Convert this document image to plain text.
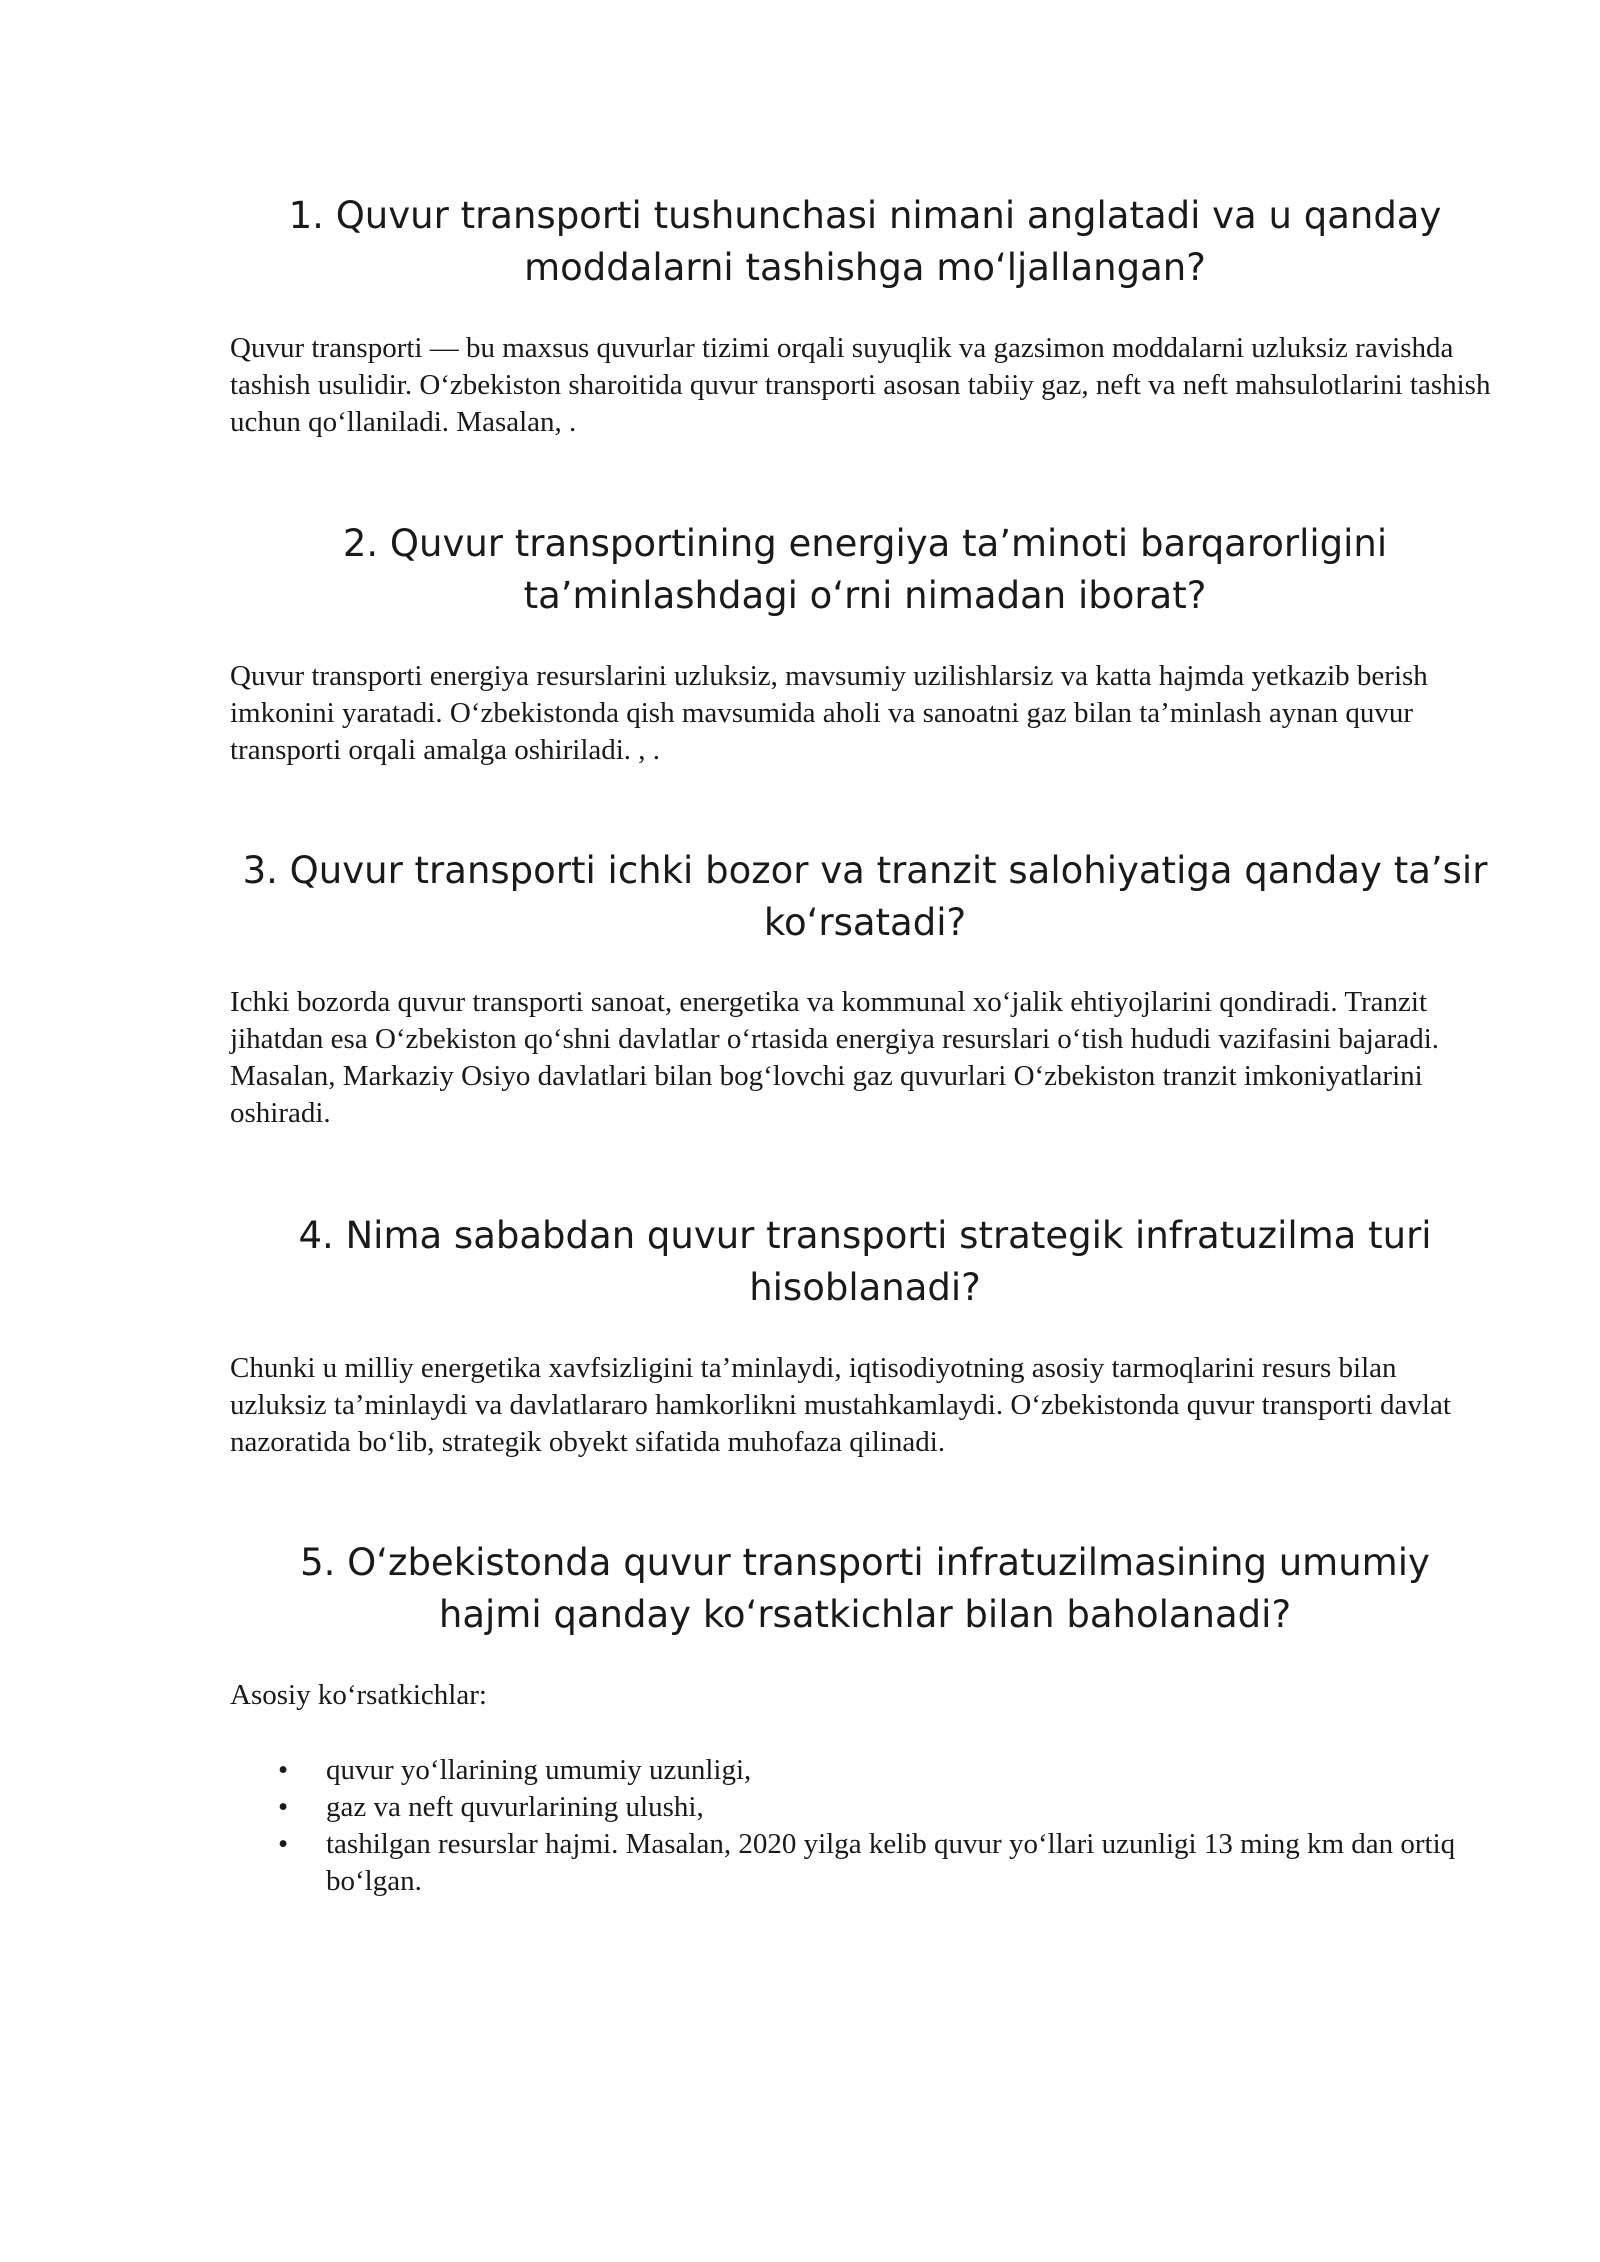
1. Quvur transporti tushunchasi nimani anglatadi va u qanday
moddalarni tashishga moʻljallangan?

Quvur transporti — bu maxsus quvurlar tizimi orqali suyuqlik va gazsimon moddalarni uzluksiz ravishda tashish usulidir. Oʻzbekiston sharoitida quvur transporti asosan tabiiy gaz, neft va neft mahsulotlarini tashish uchun qoʻllaniladi. Masalan, .

2. Quvur transportining energiya taʼminoti barqarorligini
taʼminlashdagi oʻrni nimadan iborat?

Quvur transporti energiya resurslarini uzluksiz, mavsumiy uzilishlarsiz va katta hajmda yetkazib berish imkonini yaratadi. Oʻzbekistonda qish mavsumida aholi va sanoatni gaz bilan taʼminlash aynan quvur transporti orqali amalga oshiriladi. , .

3. Quvur transporti ichki bozor va tranzit salohiyatiga qanday taʼsir
koʻrsatadi?

Ichki bozorda quvur transporti sanoat, energetika va kommunal xoʻjalik ehtiyojlarini qondiradi. Tranzit jihatdan esa Oʻzbekiston qoʻshni davlatlar oʻrtasida energiya resurslari oʻtish hududi vazifasini bajaradi. Masalan, Markaziy Osiyo davlatlari bilan bogʻlovchi gaz quvurlari Oʻzbekiston tranzit imkoniyatlarini oshiradi.

4. Nima sababdan quvur transporti strategik infratuzilma turi
hisoblanadi?

Chunki u milliy energetika xavfsizligini taʼminlaydi, iqtisodiyotning asosiy tarmoqlarini resurs bilan uzluksiz taʼminlaydi va davlatlararo hamkorlikni mustahkamlaydi. Oʻzbekistonda quvur transporti davlat nazoratida boʻlib, strategik obyekt sifatida muhofaza qilinadi.

5. Oʻzbekistonda quvur transporti infratuzilmasining umumiy
hajmi qanday koʻrsatkichlar bilan baholanadi?

Asosiy koʻrsatkichlar:

• quvur yoʻllarining umumiy uzunligi,
• gaz va neft quvurlarining ulushi,
• tashilgan resurslar hajmi. Masalan, 2020 yilga kelib quvur yoʻllari uzunligi 13 ming km dan ortiq boʻlgan.
